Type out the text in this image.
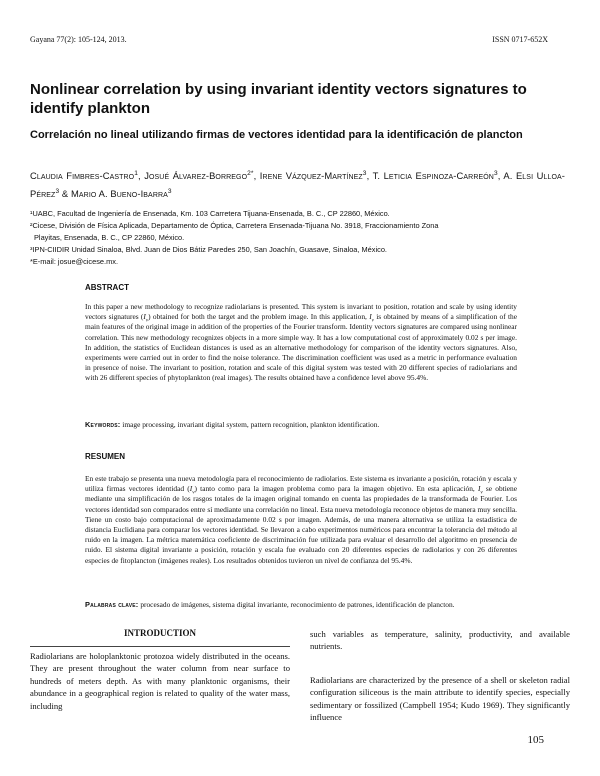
Gayana 77(2): 105-124, 2013.	ISSN 0717-652X
Nonlinear correlation by using invariant identity vectors signatures to identify plankton
Correlación no lineal utilizando firmas de vectores identidad para la identificación de plancton
Claudia Fimbres-Castro$^1$, Josué Álvarez-Borrego$^{2*}$, Irene Vázquez-Martínez$^3$, T. Leticia Espinoza-Carreón$^3$, A. Elsi Ulloa-Pérez$^3$ & Mario A. Bueno-Ibarra$^3$
¹UABC, Facultad de Ingeniería de Ensenada, Km. 103 Carretera Tijuana-Ensenada, B. C., CP 22860, México.
²Cicese, División de Física Aplicada, Departamento de Óptica, Carretera Ensenada-Tijuana No. 3918, Fraccionamiento Zona
Playitas, Ensenada, B. C., CP 22860, México.
³IPN-CIIDIR Unidad Sinaloa, Blvd. Juan de Dios Bátiz Paredes 250, San Joachín, Guasave, Sinaloa, México.
*E-mail: josue@cicese.mx.
ABSTRACT
In this paper a new methodology to recognize radiolarians is presented. This system is invariant to position, rotation and scale by using identity vectors signatures $(I_v)$ obtained for both the target and the problem image. In this application, $I_v$ is obtained by means of a simplification of the main features of the original image in addition of the properties of the Fourier transform. Identity vectors signatures are compared using nonlinear correlation. This new methodology recognizes objects in a more simple way. It has a low computational cost of approximately 0.02 s per image. In addition, the statistics of Euclidean distances is used as an alternative methodology for comparison of the identity vectors signatures. Also, experiments were carried out in order to find the noise tolerance. The discrimination coefficient was used as a metric in performance evaluation in presence of noise. The invariant to position, rotation and scale of this digital system was tested with 20 different species of radiolarians and with 26 different species of phytoplankton (real images). The results obtained have a confidence level above 95.4%.
Keywords: image processing, invariant digital system, pattern recognition, plankton identification.
RESUMEN
En este trabajo se presenta una nueva metodología para el reconocimiento de radiolarios. Este sistema es invariante a posición, rotación y escala y utiliza firmas vectores identidad $(I_v)$ tanto como para la imagen problema como para la imagen objetivo. En esta aplicación, $I_v$ se obtiene mediante una simplificación de los rasgos totales de la imagen original tomando en cuenta las propiedades de la transformada de Fourier. Los vectores identidad son comparados entre sí mediante una correlación no lineal. Esta nueva metodología reconoce objetos de manera muy sencilla. Tiene un costo bajo computacional de aproximadamente 0.02 s por imagen. Además, de una manera alternativa se utiliza la estadística de distancia Euclidiana para comparar los vectores identidad. Se llevaron a cabo experimentos numéricos para encontrar la tolerancia del método al ruido en la imagen. La métrica matemática coeficiente de discriminación fue utilizada para evaluar el desarrollo del algoritmo en presencia de ruido. El sistema digital invariante a posición, rotación y escala fue evaluado con 20 diferentes especies de radiolarios y con 26 diferentes especies de fitoplancton (imágenes reales). Los resultados obtenidos tuvieron un nivel de confianza del 95.4%.
Palabras clave: procesado de imágenes, sistema digital invariante, reconocimiento de patrones, identificación de plancton.
INTRODUCTION
Radiolarians are holoplanktonic protozoa widely distributed in the oceans. They are present throughout the water column from near surface to hundreds of meters depth. As with many planktonic organisms, their abundance in a geographical region is related to quality of the water mass, including
such variables as temperature, salinity, productivity, and available nutrients.
Radiolarians are characterized by the presence of a shell or skeleton radial configuration siliceous is the main attribute to identify species, especially sedimentary or fossilized (Campbell 1954; Kudo 1969). They significantly influence
105
